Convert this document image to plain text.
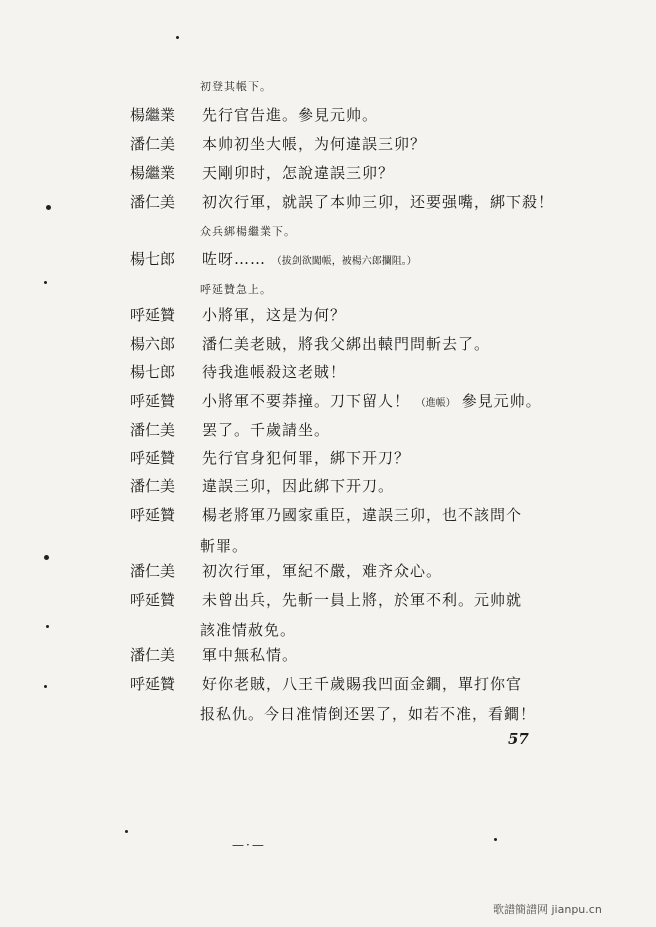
初登其帳下。
楊繼業	先行官告進。參見元帅。
潘仁美	本帅初坐大帳，为何違誤三卯？
楊繼業	天剛卯时，怎說違誤三卯？
潘仁美	初次行軍，就誤了本帅三卯，还要强嘴，綁下殺！
众兵綁楊繼業下。
楊七郎	咗呀…… （拔剑欲闖帳，被楊六郎攔阻。）
呼延贊急上。
呼延贊	小將軍，这是为何？
楊六郎	潘仁美老賊，將我父綁出轅門問斬去了。
楊七郎	待我進帳殺这老賊！
呼延贊	小將軍不要莽撞。刀下留人！ （進帳） 參見元帅。
潘仁美	罢了。千歲請坐。
呼延贊	先行官身犯何罪，綁下开刀？
潘仁美	違誤三卯，因此綁下开刀。
呼延贊	楊老將軍乃國家重臣，違誤三卯，也不該問个
斬罪。
潘仁美	初次行軍，軍紀不嚴，难齐众心。
呼延贊	未曾出兵，先斬一員上將，於軍不利。元帅就
該准情赦免。
潘仁美	軍中無私情。
呼延贊	好你老賊，八王千歲賜我凹面金鐧，單打你官
报私仇。今日准情倒还罢了，如若不准，看鐧！
57
—·—
歌譜簡譜网 jianpu.cn
